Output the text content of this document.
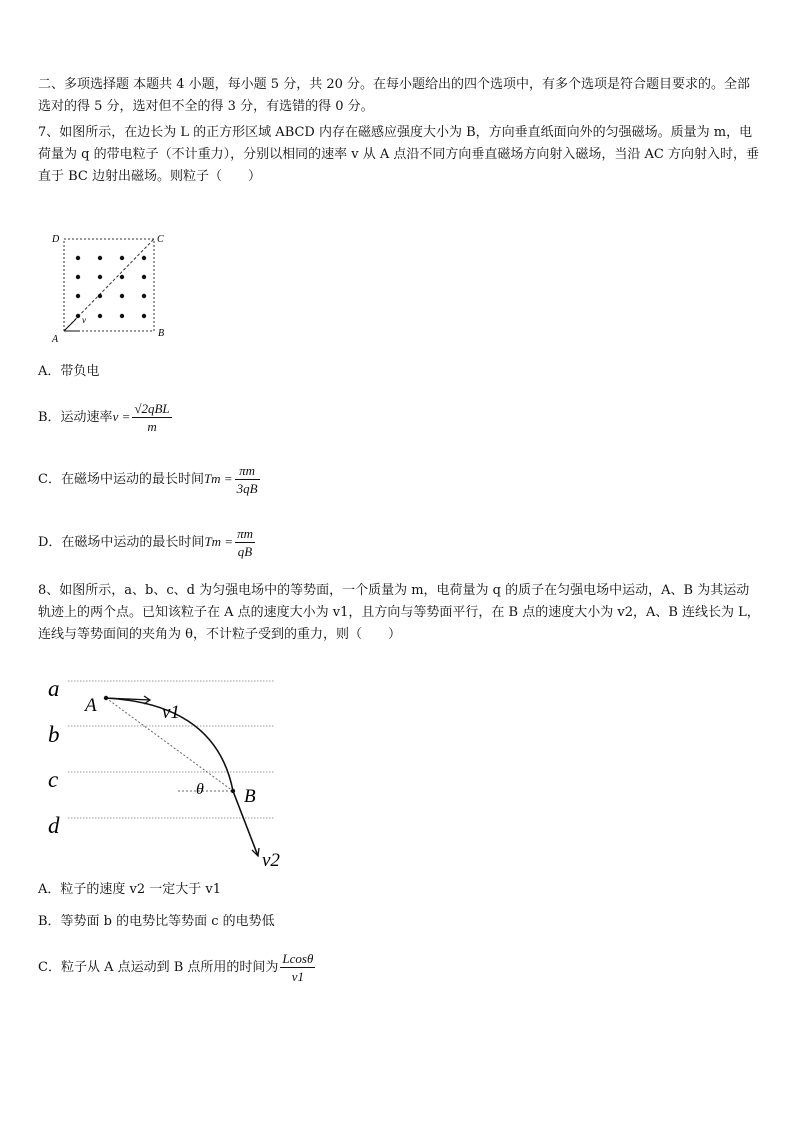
二、多项选择题 本题共 4 小题，每小题 5 分，共 20 分。在每小题给出的四个选项中，有多个选项是符合题目要求的。全部选对的得 5 分，选对但不全的得 3 分，有选错的得 0 分。
7、如图所示，在边长为 L 的正方形区域 ABCD 内存在磁感应强度大小为 B，方向垂直纸面向外的匀强磁场。质量为 m，电荷量为 q 的带电粒子（不计重力），分别以相同的速率 v 从 A 点沿不同方向垂直磁场方向射入磁场，当沿 AC 方向射入时，垂直于 BC 边射出磁场。则粒子（　　）
D	C
A
B
v
A．带负电
B．运动速率$v = \frac{\text{√2qBL}}{m}$
C．在磁场中运动的最长时间$Tm = \frac{\pi m}{3qB}$
D．在磁场中运动的最长时间$Tm = \frac{\pi m}{qB}$
8、如图所示，a、b、c、d 为匀强电场中的等势面，一个质量为 m，电荷量为 q 的质子在匀强电场中运动，A、B 为其运动轨迹上的两个点。已知该粒子在 A 点的速度大小为 v1，且方向与等势面平行，在 B 点的速度大小为 v2，A、B 连线长为 L，连线与等势面间的夹角为 θ，不计粒子受到的重力，则（　　）
a
b
c
d
A
B
v1
v2
θ
A．粒子的速度 v2 一定大于 v1
B．等势面 b 的电势比等势面 c 的电势低
C．粒子从 A 点运动到 B 点所用的时间为 $\frac{Lcos\theta}{v1}$
